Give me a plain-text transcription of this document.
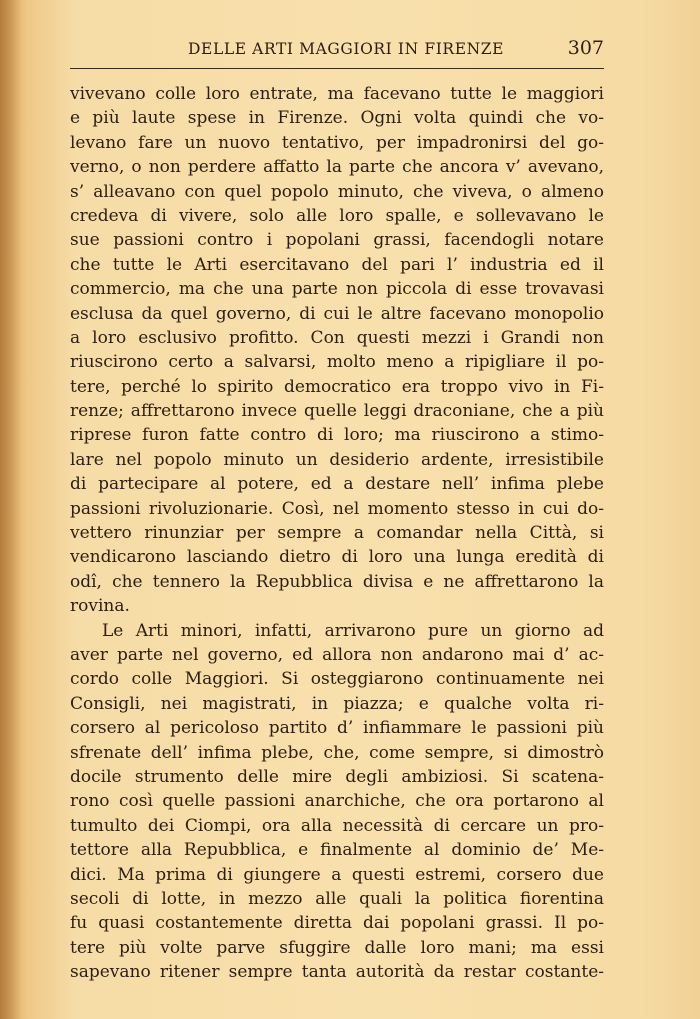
DELLE ARTI MAGGIORI IN FIRENZE	307
vivevano colle loro entrate, ma facevano tutte le maggiori
e più laute spese in Firenze. Ogni volta quindi che vo-
levano fare un nuovo tentativo, per impadronirsi del go-
verno, o non perdere affatto la parte che ancora v’ avevano,
s’ alleavano con quel popolo minuto, che viveva, o almeno
credeva di vivere, solo alle loro spalle, e sollevavano le
sue passioni contro i popolani grassi, facendogli notare
che tutte le Arti esercitavano del pari l’ industria ed il
commercio, ma che una parte non piccola di esse trovavasi
esclusa da quel governo, di cui le altre facevano monopolio
a loro esclusivo profitto. Con questi mezzi i Grandi non
riuscirono certo a salvarsi, molto meno a ripigliare il po-
tere, perché lo spirito democratico era troppo vivo in Fi-
renze; affrettarono invece quelle leggi draconiane, che a più
riprese furon fatte contro di loro; ma riuscirono a stimo-
lare nel popolo minuto un desiderio ardente, irresistibile
di partecipare al potere, ed a destare nell’ infima plebe
passioni rivoluzionarie. Così, nel momento stesso in cui do-
vettero rinunziar per sempre a comandar nella Città, si
vendicarono lasciando dietro di loro una lunga eredità di
odî, che tennero la Repubblica divisa e ne affrettarono la
rovina.
Le Arti minori, infatti, arrivarono pure un giorno ad
aver parte nel governo, ed allora non andarono mai d’ ac-
cordo colle Maggiori. Si osteggiarono continuamente nei
Consigli, nei magistrati, in piazza; e qualche volta ri-
corsero al pericoloso partito d’ infiammare le passioni più
sfrenate dell’ infima plebe, che, come sempre, si dimostrò
docile strumento delle mire degli ambiziosi. Si scatena-
rono così quelle passioni anarchiche, che ora portarono al
tumulto dei Ciompi, ora alla necessità di cercare un pro-
tettore alla Repubblica, e finalmente al dominio de’ Me-
dici. Ma prima di giungere a questi estremi, corsero due
secoli di lotte, in mezzo alle quali la politica fiorentina
fu quasi costantemente diretta dai popolani grassi. Il po-
tere più volte parve sfuggire dalle loro mani; ma essi
sapevano ritener sempre tanta autorità da restar costante-
